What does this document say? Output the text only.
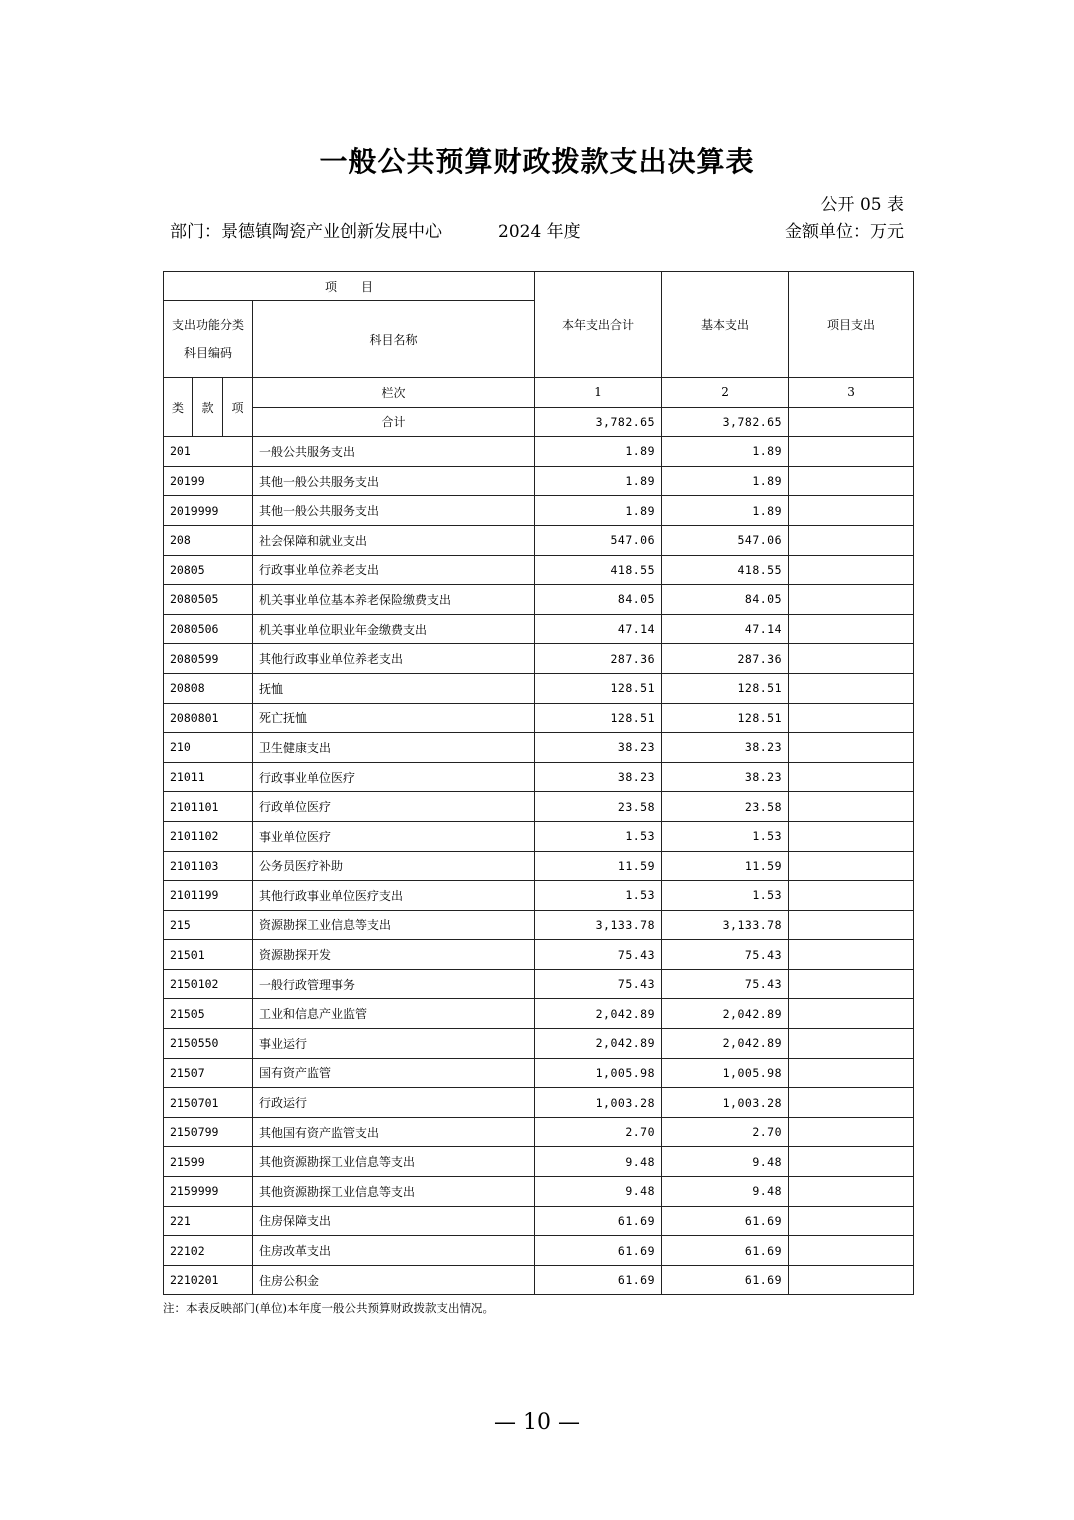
一般公共预算财政拨款支出决算表
公开 05 表
部门：景德镇陶瓷产业创新发展中心	2024 年度	金额单位：万元
项　　目				本年支出合计	基本支出	项目支出
支出功能分类科目编码			科目名称			
类	款	项	栏次	1	2	3
			合计	3,782.65	3,782.65	
201			一般公共服务支出	1.89	1.89	
20199			其他一般公共服务支出	1.89	1.89	
2019999			其他一般公共服务支出	1.89	1.89	
208			社会保障和就业支出	547.06	547.06	
20805			行政事业单位养老支出	418.55	418.55	
2080505			机关事业单位基本养老保险缴费支出	84.05	84.05	
2080506			机关事业单位职业年金缴费支出	47.14	47.14	
2080599			其他行政事业单位养老支出	287.36	287.36	
20808			抚恤	128.51	128.51	
2080801			死亡抚恤	128.51	128.51	
210			卫生健康支出	38.23	38.23	
21011			行政事业单位医疗	38.23	38.23	
2101101			行政单位医疗	23.58	23.58	
2101102			事业单位医疗	1.53	1.53	
2101103			公务员医疗补助	11.59	11.59	
2101199			其他行政事业单位医疗支出	1.53	1.53	
215			资源勘探工业信息等支出	3,133.78	3,133.78	
21501			资源勘探开发	75.43	75.43	
2150102			一般行政管理事务	75.43	75.43	
21505			工业和信息产业监管	2,042.89	2,042.89	
2150550			事业运行	2,042.89	2,042.89	
21507			国有资产监管	1,005.98	1,005.98	
2150701			行政运行	1,003.28	1,003.28	
2150799			其他国有资产监管支出	2.70	2.70	
21599			其他资源勘探工业信息等支出	9.48	9.48	
2159999			其他资源勘探工业信息等支出	9.48	9.48	
221			住房保障支出	61.69	61.69	
22102			住房改革支出	61.69	61.69	
2210201			住房公积金	61.69	61.69	
注：本表反映部门(单位)本年度一般公共预算财政拨款支出情况。
— 10 —
